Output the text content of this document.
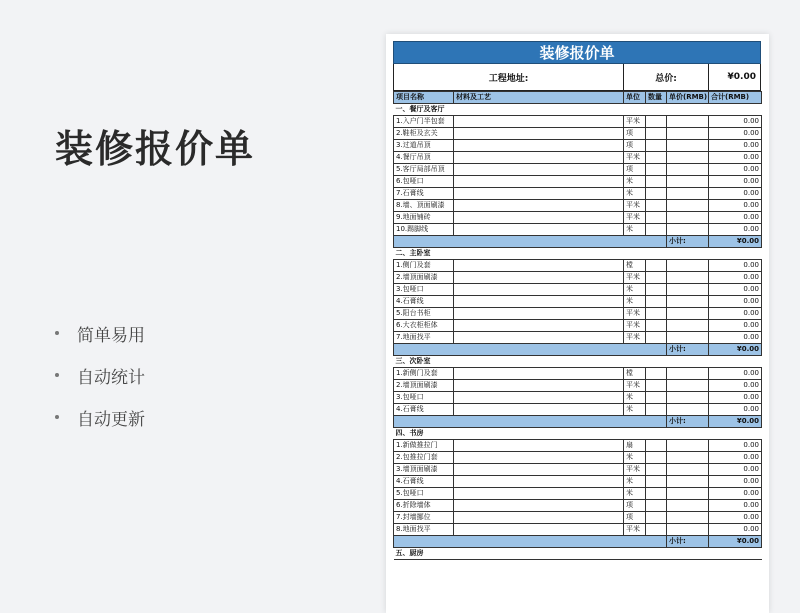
装修报价单
简单易用
自动统计
自动更新
装修报价单
工程地址:	总价:	¥0.00
项目名称	材料及工艺	单位	数量	单价(RMB)	合计(RMB)
一、餐厅及客厅					
1.入户门半包套		平米			0.00
2.鞋柜及玄关		项			0.00
3.过道吊顶		项			0.00
4.餐厅吊顶		平米			0.00
5.客厅局部吊顶		项			0.00
6.包哑口		米			0.00
7.石膏线		米			0.00
8.墙、顶面刷漆		平米			0.00
9.地面铺砖		平米			0.00
10.踢脚线		米			0.00
				小计:	¥0.00
二、主卧室					
1.侧门及套		樘			0.00
2.墙顶面刷漆		平米			0.00
3.包哑口		米			0.00
4.石膏线		米			0.00
5.阳台书柜		平米			0.00
6.大衣柜柜体		平米			0.00
7.地面找平		平米			0.00
				小计:	¥0.00
三、次卧室					
1.新侧门及套		樘			0.00
2.墙顶面刷漆		平米			0.00
3.包哑口		米			0.00
4.石膏线		米			0.00
				小计:	¥0.00
四、书房					
1.新做推拉门		扇			0.00
2.包推拉门套		米			0.00
3.墙顶面刷漆		平米			0.00
4.石膏线		米			0.00
5.包哑口		米			0.00
6.折除墙体		项			0.00
7.封墙挪位		项			0.00
8.地面找平		平米			0.00
				小计:	¥0.00
五、厨房					
